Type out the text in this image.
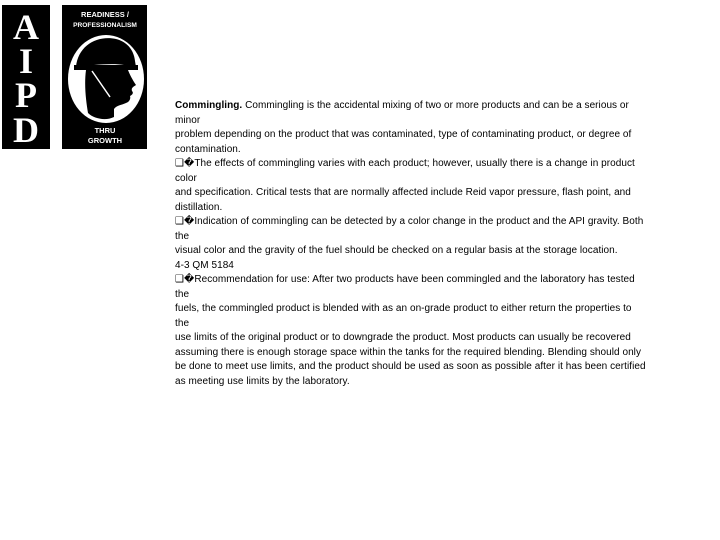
A
I
P
D
READINESS /
PROFESSIONALISM
THRU
GROWTH
Commingling. Commingling is the accidental mixing of two or more products and can be a serious or
minor
problem depending on the product that was contaminated, type of contaminating product, or degree of
contamination.
❑�The effects of commingling varies with each product; however, usually there is a change in product
color
and specification. Critical tests that are normally affected include Reid vapor pressure, flash point, and
distillation.
❑�Indication of commingling can be detected by a color change in the product and the API gravity. Both
the
visual color and the gravity of the fuel should be checked on a regular basis at the storage location.
4-3 QM 5184
❑�Recommendation for use: After two products have been commingled and the laboratory has tested
the
fuels, the commingled product is blended with as an on-grade product to either return the properties to
the
use limits of the original product or to downgrade the product. Most products can usually be recovered
assuming there is enough storage space within the tanks for the required blending. Blending should only
be done to meet use limits, and the product should be used as soon as possible after it has been certified
as meeting use limits by the laboratory.
